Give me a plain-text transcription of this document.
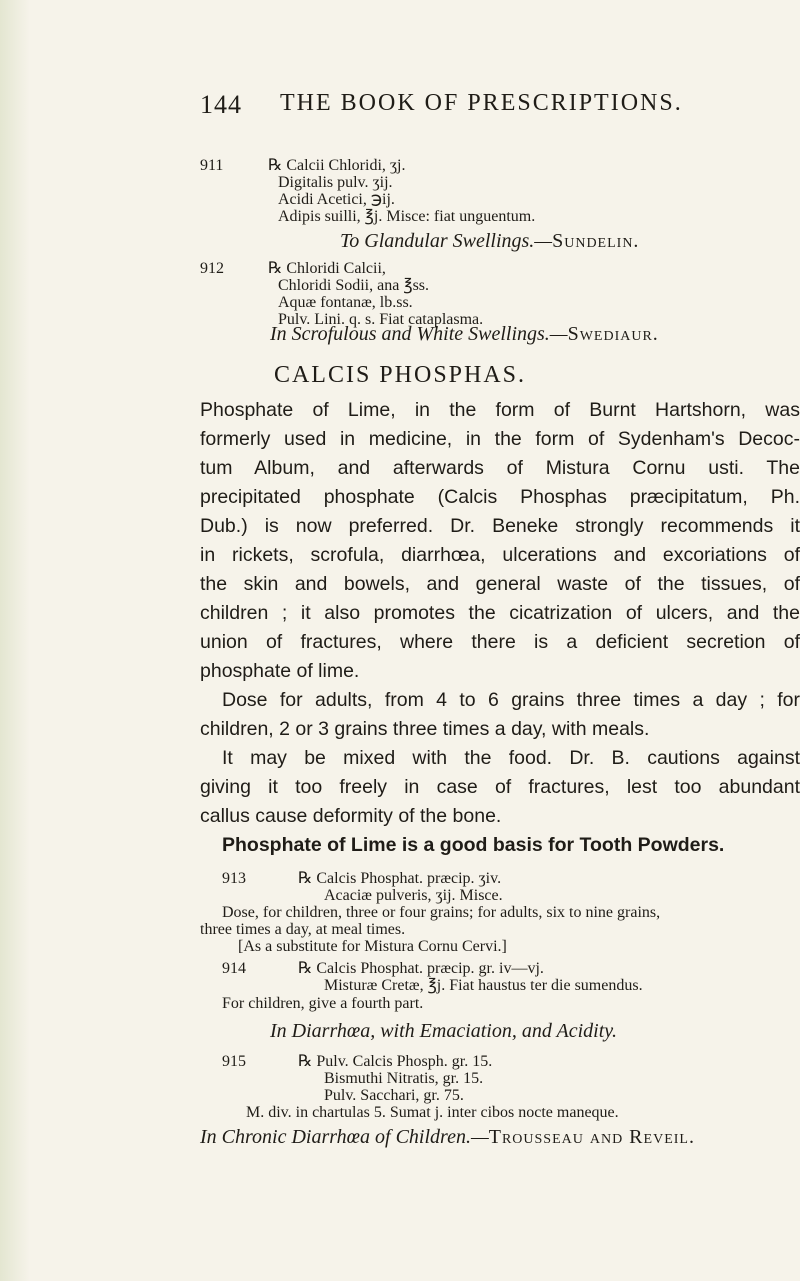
144 THE BOOK OF PRESCRIPTIONS.
911	℞ Calcii Chloridi, ʒj.
Digitalis pulv. ʒij.
Acidi Acetici, ℈ij.
Adipis suilli, ℥j. Misce: fiat unguentum.
To Glandular Swellings.—Sundelin.
912	℞ Chloridi Calcii,
Chloridi Sodii, ana ℥ss.
Aquæ fontanæ, lb.ss.
Pulv. Lini. q. s. Fiat cataplasma.
In Scrofulous and White Swellings.—Swediaur.
CALCIS PHOSPHAS.
Phosphate of Lime, in the form of Burnt Hartshorn, was
formerly used in medicine, in the form of Sydenham's Decoc-
tum Album, and afterwards of Mistura Cornu usti. The
precipitated phosphate (Calcis Phosphas præcipitatum, Ph.
Dub.) is now preferred. Dr. Beneke strongly recommends it
in rickets, scrofula, diarrhœa, ulcerations and excoriations of
the skin and bowels, and general waste of the tissues, of
children ; it also promotes the cicatrization of ulcers, and the
union of fractures, where there is a deficient secretion of
phosphate of lime.
Dose for adults, from 4 to 6 grains three times a day ; for
children, 2 or 3 grains three times a day, with meals.
It may be mixed with the food. Dr. B. cautions against
giving it too freely in case of fractures, lest too abundant
callus cause deformity of the bone.
Phosphate of Lime is a good basis for Tooth Powders.
913	℞ Calcis Phosphat. præcip. ʒiv.
Acaciæ pulveris, ʒij. Misce.
Dose, for children, three or four grains; for adults, six to nine grains,
three times a day, at meal times.
[As a substitute for Mistura Cornu Cervi.]
914	℞ Calcis Phosphat. præcip. gr. iv—vj.
Misturæ Cretæ, ℥j. Fiat haustus ter die sumendus.
For children, give a fourth part.
In Diarrhœa, with Emaciation, and Acidity.
915	℞ Pulv. Calcis Phosph. gr. 15.
Bismuthi Nitratis, gr. 15.
Pulv. Sacchari, gr. 75.
M. div. in chartulas 5. Sumat j. inter cibos nocte maneque.
In Chronic Diarrhœa of Children.—Trousseau and Reveil.
